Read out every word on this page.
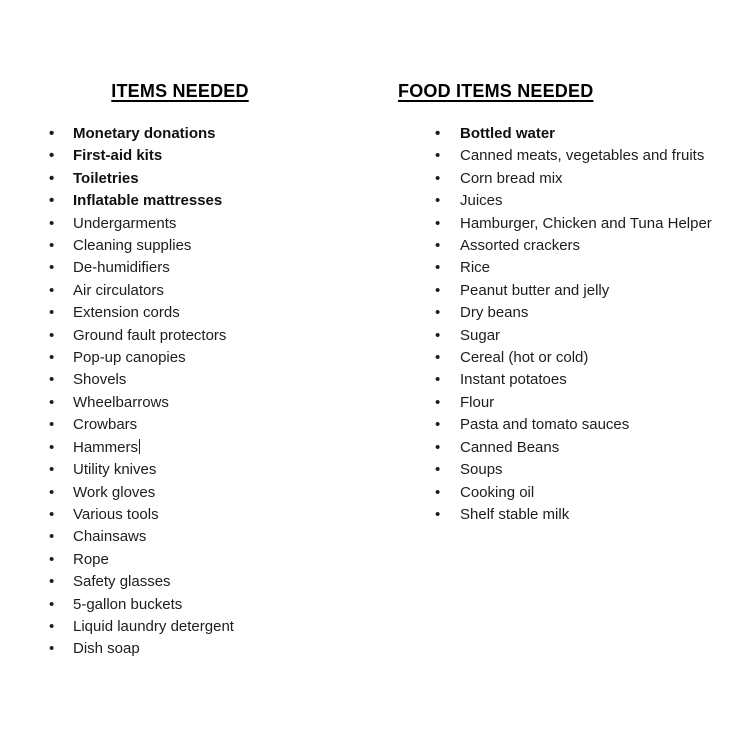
ITEMS NEEDED
• Monetary donations
• First-aid kits
• Toiletries
• Inflatable mattresses
• Undergarments
• Cleaning supplies
• De-humidifiers
• Air circulators
• Extension cords
• Ground fault protectors
• Pop-up canopies
• Shovels
• Wheelbarrows
• Crowbars
• Hammers
• Utility knives
• Work gloves
• Various tools
• Chainsaws
• Rope
• Safety glasses
• 5-gallon buckets
• Liquid laundry detergent
• Dish soap
FOOD ITEMS NEEDED
• Bottled water
• Canned meats, vegetables and fruits
• Corn bread mix
• Juices
• Hamburger, Chicken and Tuna Helper
• Assorted crackers
• Rice
• Peanut butter and jelly
• Dry beans
• Sugar
• Cereal (hot or cold)
• Instant potatoes
• Flour
• Pasta and tomato sauces
• Canned Beans
• Soups
• Cooking oil
• Shelf stable milk
